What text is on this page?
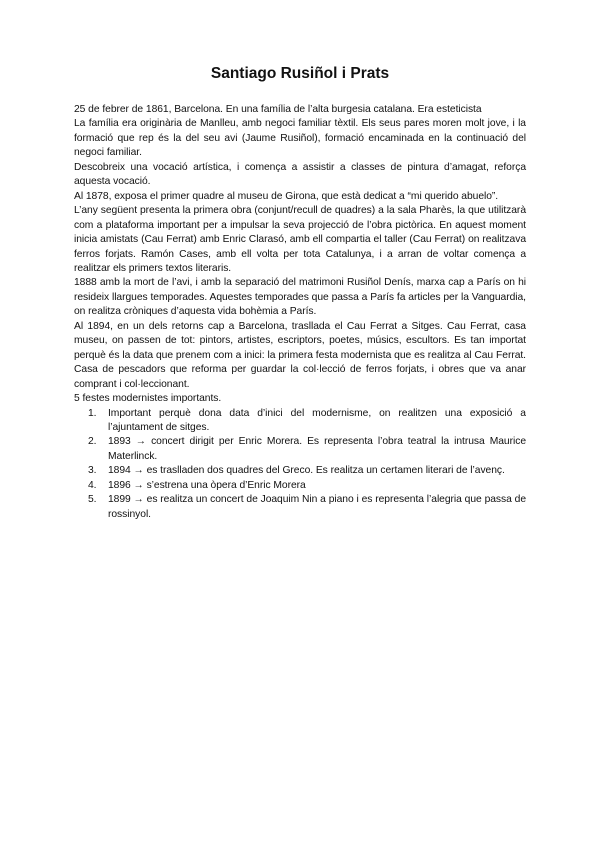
Santiago Rusiñol i Prats

25 de febrer de 1861, Barcelona. En una família de l’alta burgesia catalana. Era esteticista

La família era originària de Manlleu, amb negoci familiar tèxtil. Els seus pares moren molt jove, i la formació que rep és la del seu avi (Jaume Rusiñol), formació encaminada en la continuació del negoci familiar.

Descobreix una vocació artística, i comença a assistir a classes de pintura d’amagat, reforça aquesta vocació.

Al 1878, exposa el primer quadre al museu de Girona, que està dedicat a “mi querido abuelo”.

L’any següent presenta la primera obra (conjunt/recull de quadres) a la sala Pharès, la que utilitzarà com a plataforma important per a impulsar la seva projecció de l’obra pictòrica. En aquest moment inicia amistats (Cau Ferrat) amb Enric Clarasó, amb ell compartia el taller (Cau Ferrat) on realitzava ferros forjats. Ramón Cases, amb ell volta per tota Catalunya, i a arran de voltar comença a realitzar els primers textos literaris.

1888 amb la mort de l’avi, i amb la separació del matrimoni Rusiñol Denís, marxa cap a París on hi resideix llargues temporades. Aquestes temporades que passa a París fa articles per la Vanguardia, on realitza cròniques d’aquesta vida bohèmia a París.

Al 1894, en un dels retorns cap a Barcelona, trasllada el Cau Ferrat a Sitges. Cau Ferrat, casa museu, on passen de tot: pintors, artistes, escriptors, poetes, músics, escultors. Es tan importat perquè és la data que prenem com a inici: la primera festa modernista que es realitza al Cau Ferrat. Casa de pescadors que reforma per guardar la col·lecció de ferros forjats, i obres que va anar comprant i col·leccionant.

5 festes modernistes importants.

1. Important perquè dona data d’inici del modernisme, on realitzen una exposició a l’ajuntament de sitges.
2. 1893 → concert dirigit per Enric Morera. Es representa l’obra teatral la intrusa Maurice Materlinck.
3. 1894 → es traslladen dos quadres del Greco. Es realitza un certamen literari de l’avenç.
4. 1896 → s’estrena una òpera d’Enric Morera
5. 1899 → es realitza un concert de Joaquim Nin a piano i es representa l’alegria que passa de rossinyol.
